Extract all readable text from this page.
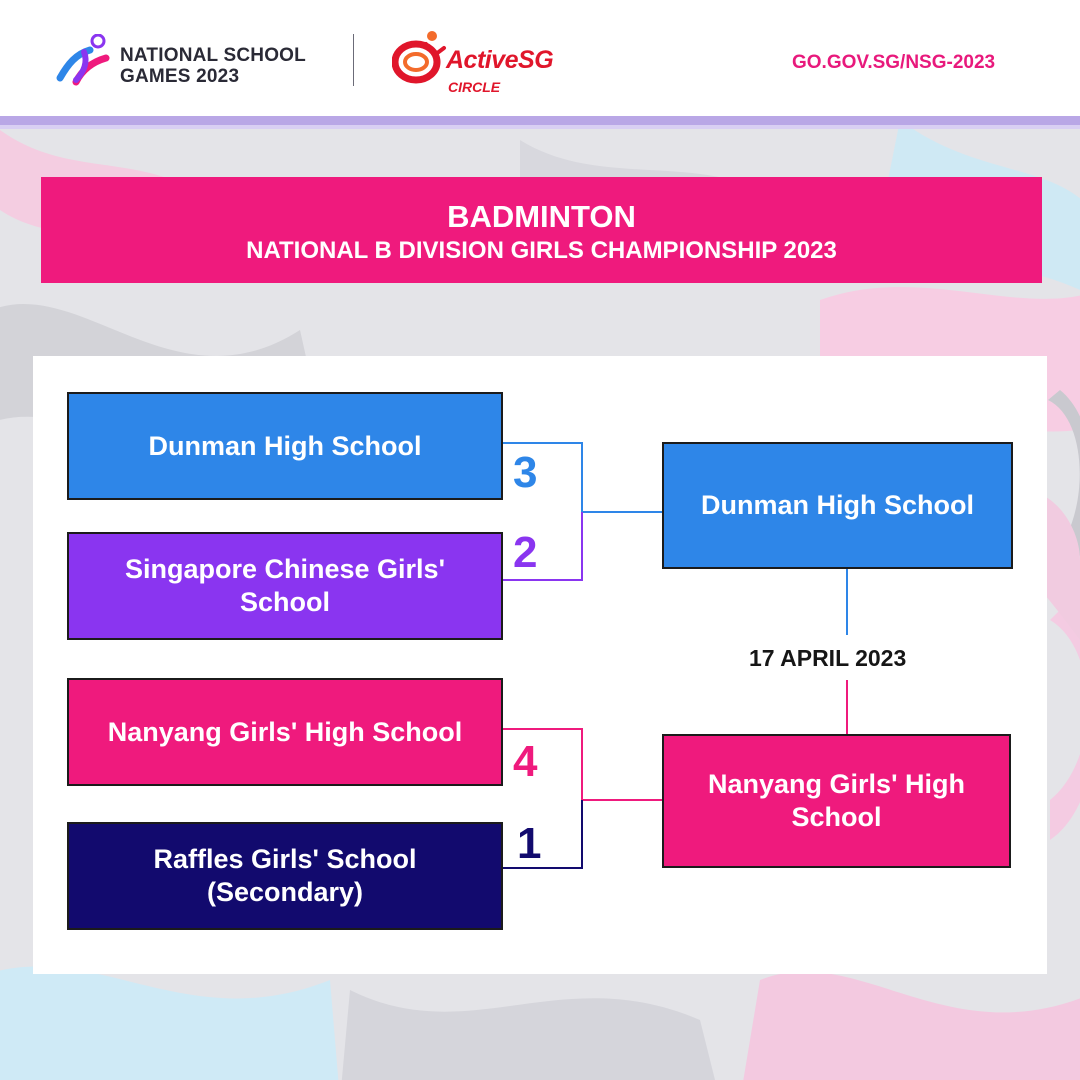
NATIONAL SCHOOL
GAMES 2023
ActiveSG
CIRCLE
GO.GOV.SG/NSG-2023
BADMINTON
NATIONAL B DIVISION GIRLS CHAMPIONSHIP 2023
Dunman High School
3
Singapore Chinese Girls' School
2
Nanyang Girls' High School
4
Raffles Girls' School (Secondary)
1
Dunman High School
17 APRIL 2023
Nanyang Girls' High School
